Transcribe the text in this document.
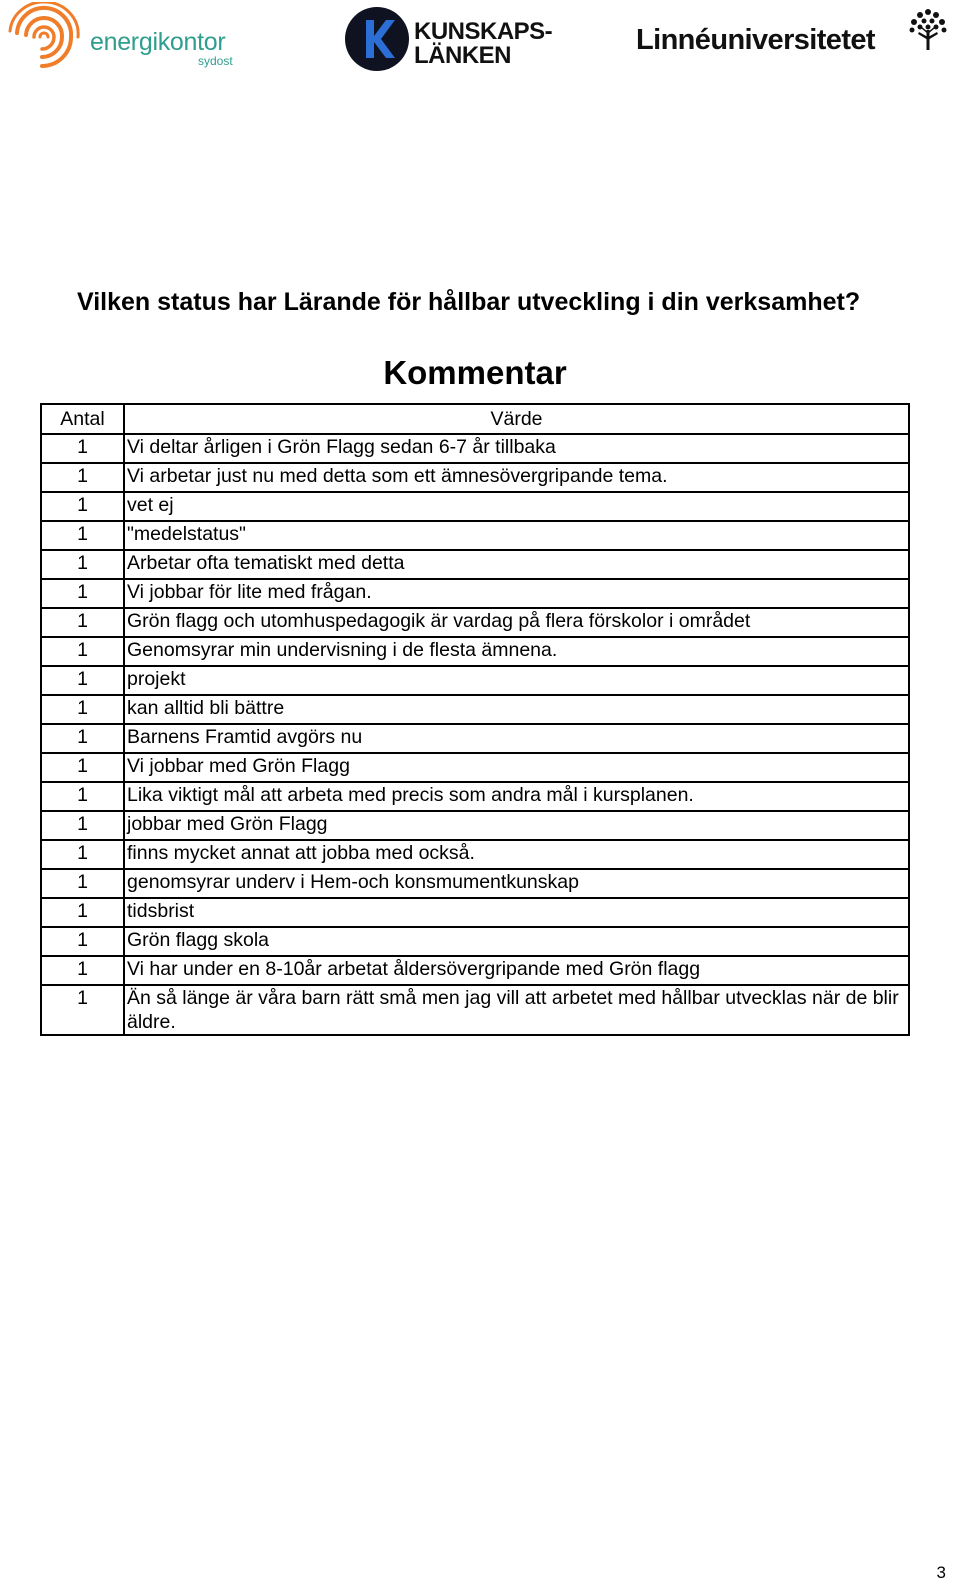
energikontor
sydost
KUNSKAPS-
LÄNKEN	Linnéuniversitetet
Vilken status har Lärande för hållbar utveckling i din verksamhet?
Kommentar
Antal	Värde
1	Vi deltar årligen i Grön Flagg sedan 6-7 år tillbaka
1	Vi arbetar just nu med detta som ett ämnesövergripande tema.
1	vet ej
1	"medelstatus"
1	Arbetar ofta tematiskt med detta
1	Vi jobbar för lite med frågan.
1	Grön flagg och utomhuspedagogik är vardag på flera förskolor i området
1	Genomsyrar min undervisning i de flesta ämnena.
1	projekt
1	kan alltid bli bättre
1	Barnens Framtid avgörs nu
1	Vi jobbar med Grön Flagg
1	Lika viktigt mål att arbeta med precis som andra mål i kursplanen.
1	jobbar med Grön Flagg
1	finns mycket annat att jobba med också.
1	genomsyrar underv i Hem-och konsmumentkunskap
1	tidsbrist
1	Grön flagg skola
1	Vi har under en 8-10år arbetat åldersövergripande med Grön flagg
1	Än så länge är våra barn rätt små men jag vill att arbetet med hållbar utvecklas när de blir äldre.
3
